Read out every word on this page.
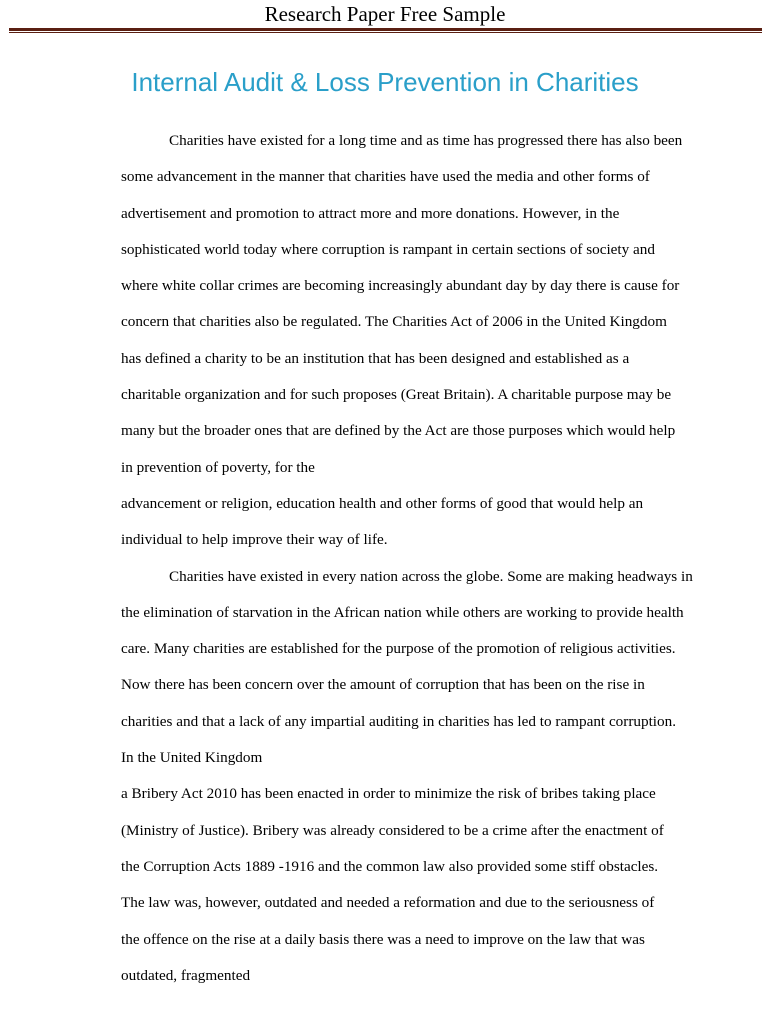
Research Paper Free Sample
Internal Audit & Loss Prevention in Charities
Charities have existed for a long time and as time has progressed there has also been
some advancement in the manner that charities have used the media and other forms of
advertisement and promotion to attract more and more donations. However, in the
sophisticated world today where corruption is rampant in certain sections of society and
where white collar crimes are becoming increasingly abundant day by day there is cause for
concern that charities also be regulated. The Charities Act of 2006 in the United Kingdom
has defined a charity to be an institution that has been designed and established as a
charitable organization and for such proposes (Great Britain). A charitable purpose may be
many but the broader ones that are defined by the Act are those purposes which would help
in prevention of poverty, for the
advancement or religion, education health and other forms of good that would help an
individual to help improve their way of life.
Charities have existed in every nation across the globe. Some are making headways in
the elimination of starvation in the African nation while others are working to provide health
care. Many charities are established for the purpose of the promotion of religious activities.
Now there has been concern over the amount of corruption that has been on the rise in
charities and that a lack of any impartial auditing in charities has led to rampant corruption.
In the United Kingdom
a Bribery Act 2010 has been enacted in order to minimize the risk of bribes taking place
(Ministry of Justice). Bribery was already considered to be a crime after the enactment of
the Corruption Acts 1889 -1916 and the common law also provided some stiff obstacles.
The law was, however, outdated and needed a reformation and due to the seriousness of
the offence on the rise at a daily basis there was a need to improve on the law that was
outdated, fragmented
